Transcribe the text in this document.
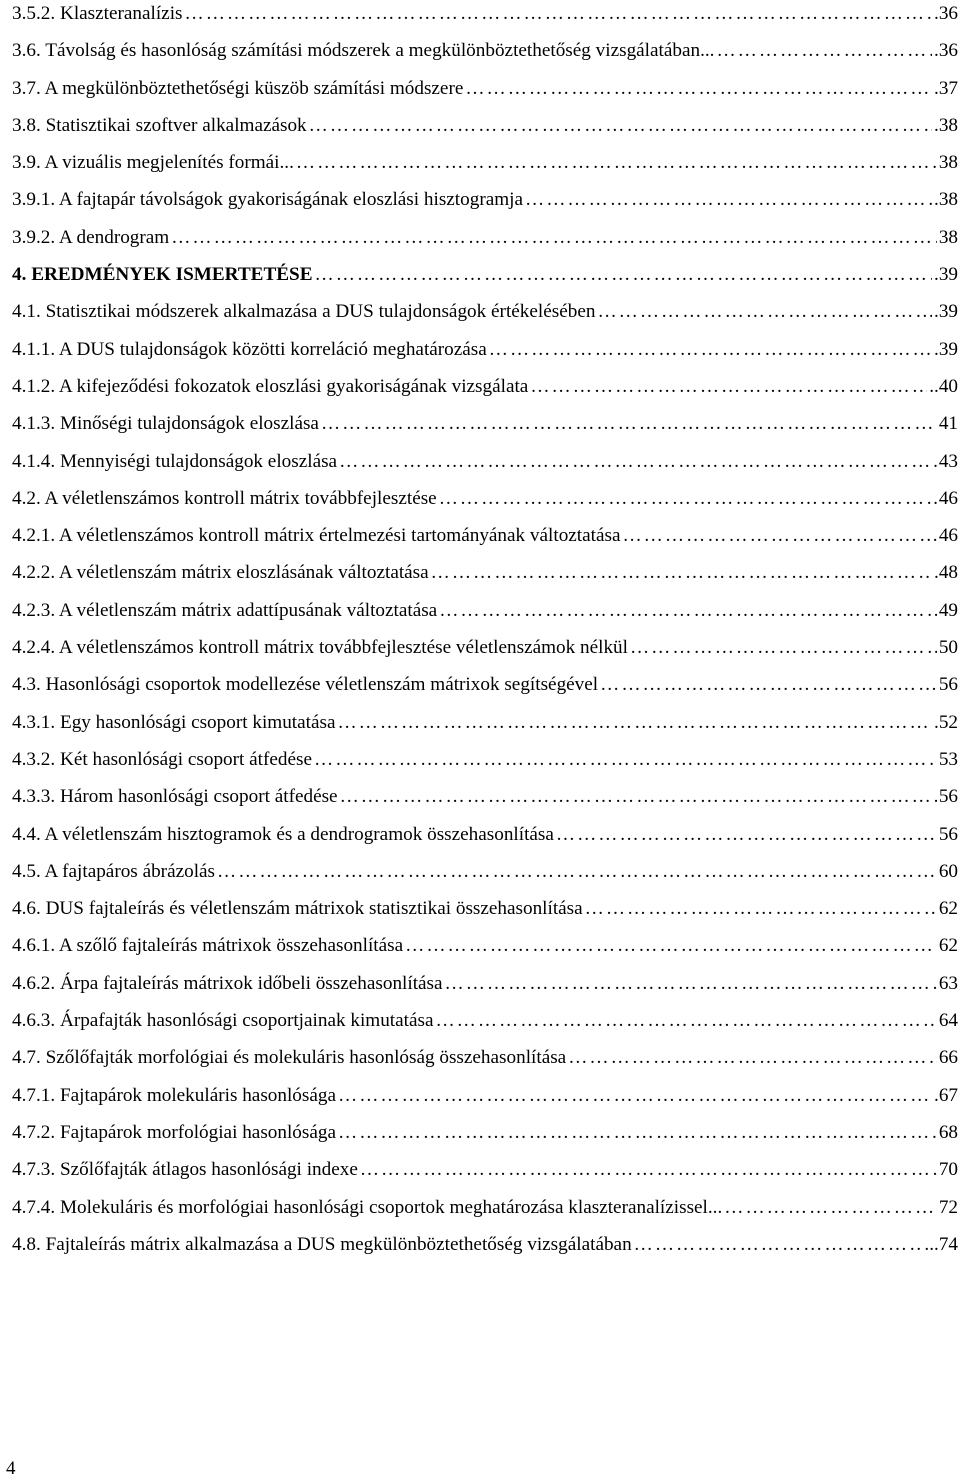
3.5.2. Klaszteranalízis …………………………………………………………………………………………………………………………………………………………………………………………………………………………………………………	.36
3.6. Távolság és hasonlóság számítási módszerek a megkülönböztethetőség vizsgálatában... …………………………………………………………………………………………………………………………………………………………………………………………………………………………………………………	.36
3.7. A megkülönböztethetőségi küszöb számítási módszere …………………………………………………………………………………………………………………………………………………………………………………………………………………………………………………	.37
3.8. Statisztikai szoftver alkalmazások …………………………………………………………………………………………………………………………………………………………………………………………………………………………………………………	.38
3.9. A vizuális megjelenítés formái... …………………………………………………………………………………………………………………………………………………………………………………………………………………………………………………	38
3.9.1. A fajtapár távolságok gyakoriságának eloszlási hisztogramja …………………………………………………………………………………………………………………………………………………………………………………………………………………………………………………	.38
3.9.2. A dendrogram …………………………………………………………………………………………………………………………………………………………………………………………………………………………………………………	38
4. EREDMÉNYEK ISMERTETÉSE …………………………………………………………………………………………………………………………………………………………………………………………………………………………………………………	.39
4.1. Statisztikai módszerek alkalmazása a DUS tulajdonságok értékelésében …………………………………………………………………………………………………………………………………………………………………………………………………………………………………………………	.39
4.1.1. A DUS tulajdonságok közötti korreláció meghatározása …………………………………………………………………………………………………………………………………………………………………………………………………………………………………………………	.39
4.1.2. A kifejeződési fokozatok eloszlási gyakoriságának vizsgálata …………………………………………………………………………………………………………………………………………………………………………………………………………………………………………………	..40
4.1.3. Minőségi tulajdonságok eloszlása …………………………………………………………………………………………………………………………………………………………………………………………………………………………………………………	41
4.1.4. Mennyiségi tulajdonságok eloszlása …………………………………………………………………………………………………………………………………………………………………………………………………………………………………………………	43
4.2. A véletlenszámos kontroll mátrix továbbfejlesztése …………………………………………………………………………………………………………………………………………………………………………………………………………………………………………………	46
4.2.1. A véletlenszámos kontroll mátrix értelmezési tartományának változtatása …………………………………………………………………………………………………………………………………………………………………………………………………………………………………………………	46
4.2.2. A véletlenszám mátrix eloszlásának változtatása …………………………………………………………………………………………………………………………………………………………………………………………………………………………………………………	.48
4.2.3. A véletlenszám mátrix adattípusának változtatása …………………………………………………………………………………………………………………………………………………………………………………………………………………………………………………	49
4.2.4. A véletlenszámos kontroll mátrix továbbfejlesztése véletlenszámok nélkül …………………………………………………………………………………………………………………………………………………………………………………………………………………………………………………	50
4.3. Hasonlósági csoportok modellezése véletlenszám mátrixok segítségével …………………………………………………………………………………………………………………………………………………………………………………………………………………………………………………	56
4.3.1. Egy hasonlósági csoport kimutatása …………………………………………………………………………………………………………………………………………………………………………………………………………………………………………………	.52
4.3.2. Két hasonlósági csoport átfedése …………………………………………………………………………………………………………………………………………………………………………………………………………………………………………………	53
4.3.3. Három hasonlósági csoport átfedése …………………………………………………………………………………………………………………………………………………………………………………………………………………………………………………	56
4.4. A véletlenszám hisztogramok és a dendrogramok összehasonlítása …………………………………………………………………………………………………………………………………………………………………………………………………………………………………………………	56
4.5. A fajtapáros ábrázolás …………………………………………………………………………………………………………………………………………………………………………………………………………………………………………………	60
4.6. DUS fajtaleírás és véletlenszám mátrixok statisztikai összehasonlítása …………………………………………………………………………………………………………………………………………………………………………………………………………………………………………………	62
4.6.1. A szőlő fajtaleírás mátrixok összehasonlítása …………………………………………………………………………………………………………………………………………………………………………………………………………………………………………………	62
4.6.2. Árpa fajtaleírás mátrixok időbeli összehasonlítása …………………………………………………………………………………………………………………………………………………………………………………………………………………………………………………	63
4.6.3. Árpafajták hasonlósági csoportjainak kimutatása …………………………………………………………………………………………………………………………………………………………………………………………………………………………………………………	64
4.7. Szőlőfajták morfológiai és molekuláris hasonlóság összehasonlítása …………………………………………………………………………………………………………………………………………………………………………………………………………………………………………………	66
4.7.1. Fajtapárok molekuláris hasonlósága …………………………………………………………………………………………………………………………………………………………………………………………………………………………………………………	.67
4.7.2. Fajtapárok morfológiai hasonlósága …………………………………………………………………………………………………………………………………………………………………………………………………………………………………………………	68
4.7.3. Szőlőfajták átlagos hasonlósági indexe …………………………………………………………………………………………………………………………………………………………………………………………………………………………………………………	70
4.7.4. Molekuláris és morfológiai hasonlósági csoportok meghatározása klaszteranalízissel... …………………………………………………………………………………………………………………………………………………………………………………………………………………………………………………	72
4.8. Fajtaleírás mátrix alkalmazása a DUS megkülönböztethetőség vizsgálatában …………………………………………………………………………………………………………………………………………………………………………………………………………………………………………………	...74
4
